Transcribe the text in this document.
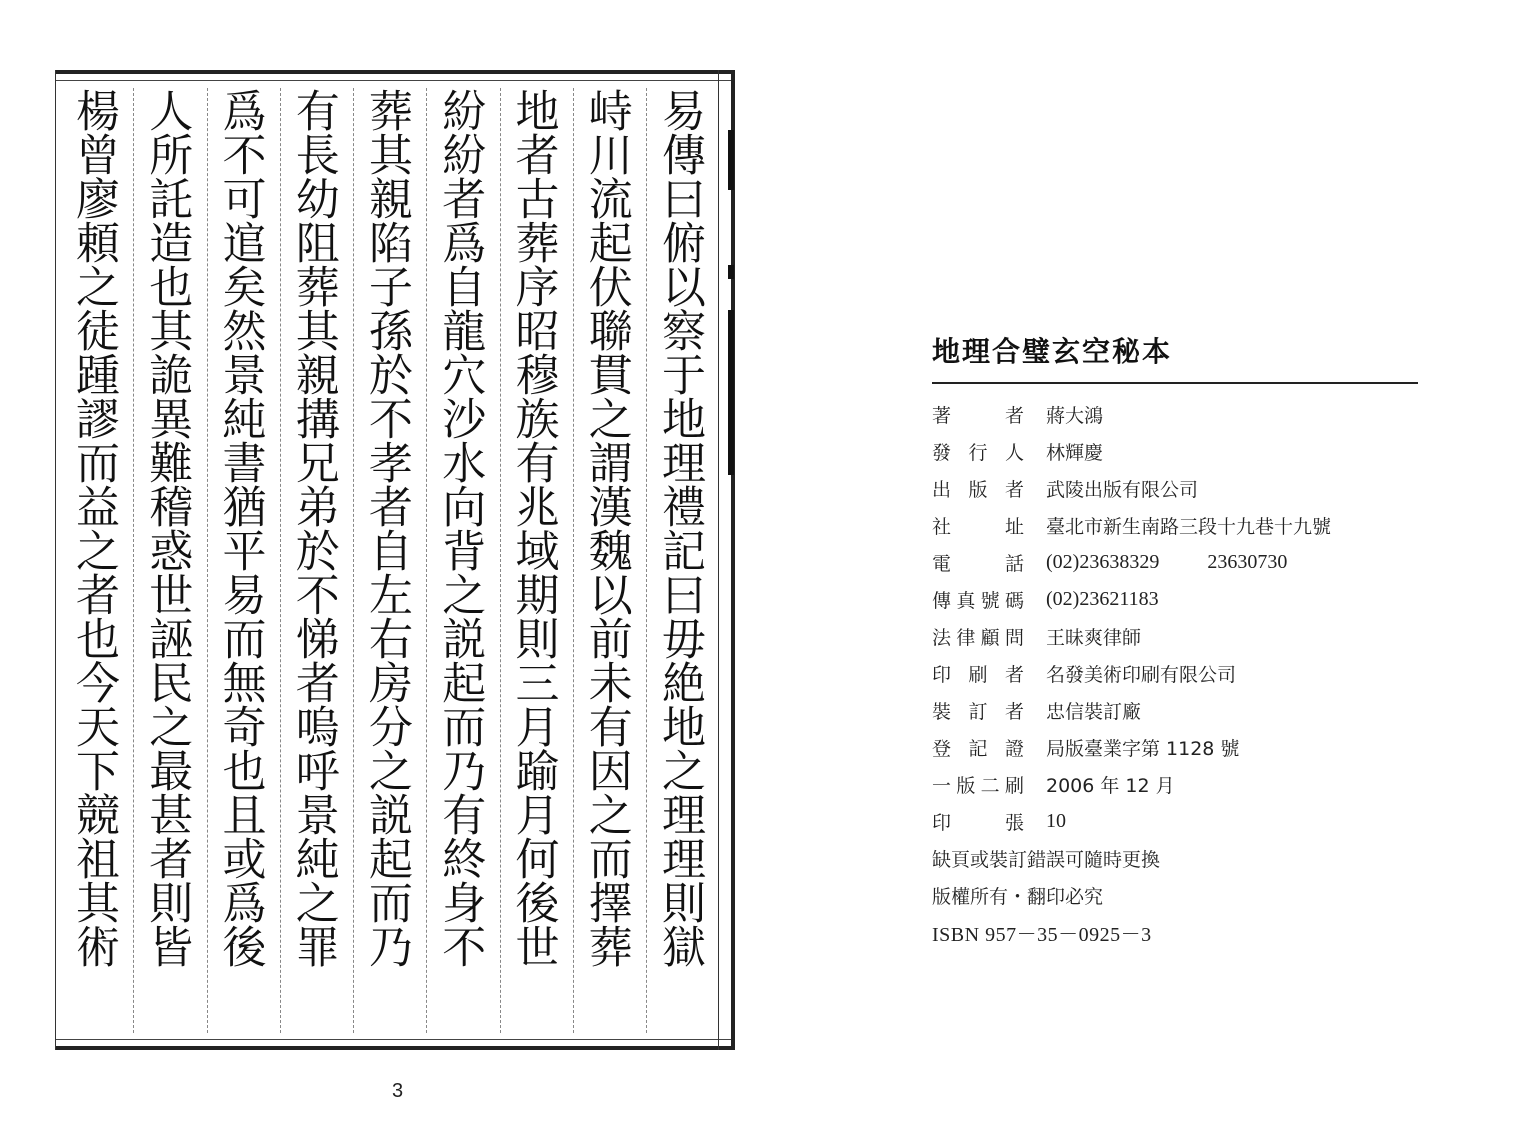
易傳曰俯以察于地理禮記曰毋絶地之理理則獄
峙川流起伏聯貫之謂漢魏以前未有因之而擇葬
地者古葬序昭穆族有兆域期則三月踰月何後世
紛紛者爲自龍穴沙水向背之説起而乃有終身不
葬其親陷子孫於不孝者自左右房分之説起而乃
有長幼阻葬其親搆兄弟於不悌者嗚呼景純之罪
爲不可逭矣然景純書猶平易而無奇也且或爲後
人所託造也其詭異難稽惑世誣民之最甚者則皆
楊曾廖頼之徒踵謬而益之者也今天下競祖其術
3
地理合璧玄空秘本
著　者 蔣大鴻
發行人 林輝慶
出版者 武陵出版有限公司
社　址 臺北市新生南路三段十九巷十九號
電　話 (02)23638329 23630730
傳真號碼 (02)23621183
法律顧問 王昧爽律師
印刷者 名發美術印刷有限公司
裝訂者 忠信裝訂廠
登記證 局版臺業字第 1128 號
一版二刷 2006 年 12 月
印　張 10
缺頁或裝訂錯誤可隨時更換
版權所有・翻印必究
ISBN 957－35－0925－3
